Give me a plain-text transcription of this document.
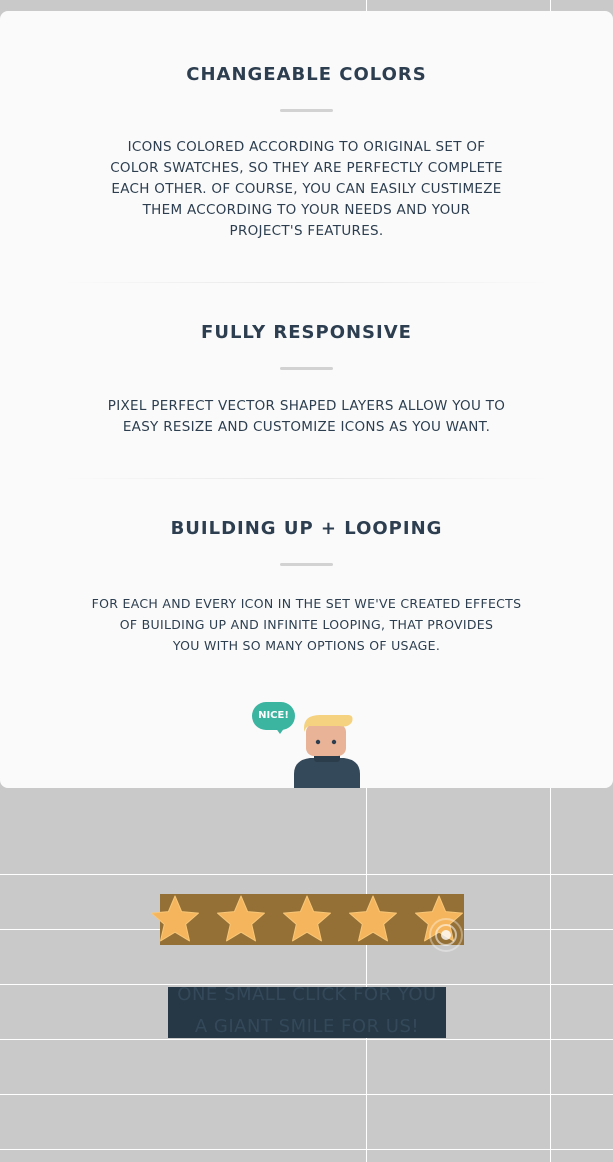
CHANGEABLE COLORS

ICONS COLORED ACCORDING TO ORIGINAL SET OF
COLOR SWATCHES, SO THEY ARE PERFECTLY COMPLETE
EACH OTHER. OF COURSE, YOU CAN EASILY CUSTIMEZE
THEM ACCORDING TO YOUR NEEDS AND YOUR
PROJECT'S FEATURES.

FULLY RESPONSIVE

PIXEL PERFECT VECTOR SHAPED LAYERS ALLOW YOU TO
EASY RESIZE AND CUSTOMIZE ICONS AS YOU WANT.

BUILDING UP + LOOPING

FOR EACH AND EVERY ICON IN THE SET WE'VE CREATED EFFECTS
OF BUILDING UP AND INFINITE LOOPING, THAT PROVIDES
YOU WITH SO MANY OPTIONS OF USAGE.

NICE!
ONE SMALL CLICK FOR YOU
A GIANT SMILE FOR US!
